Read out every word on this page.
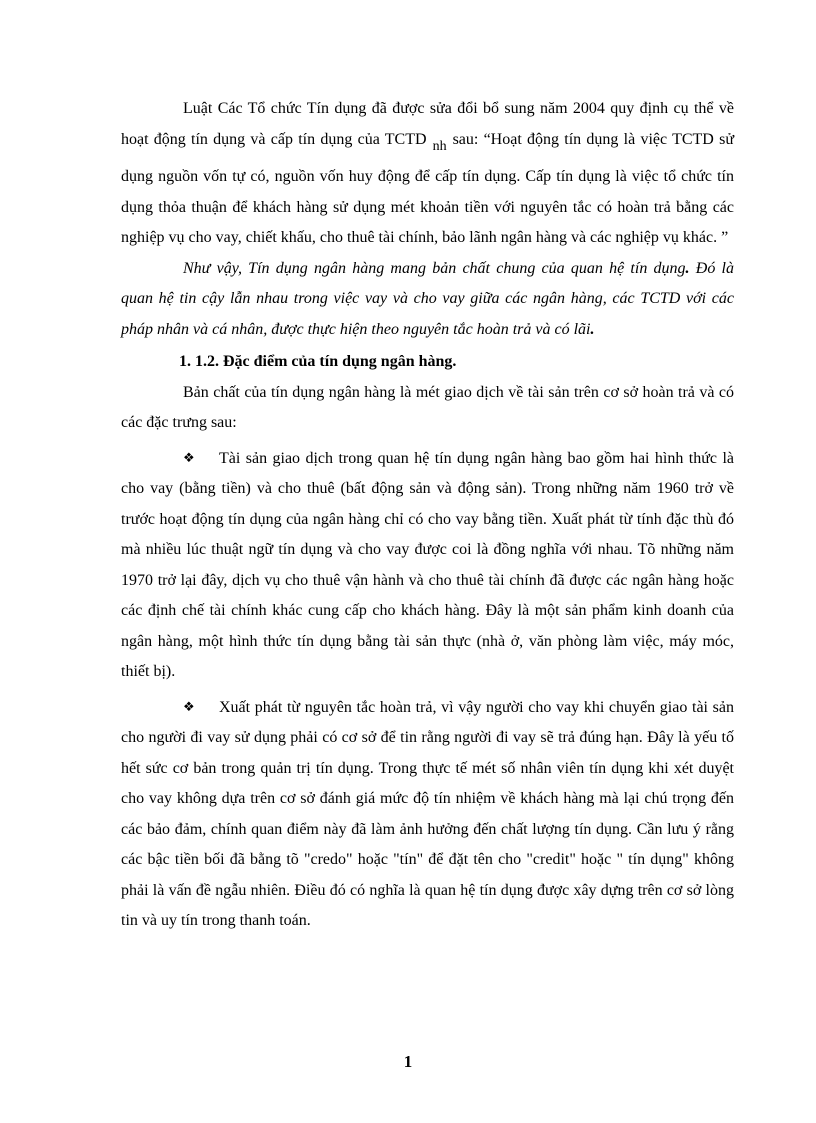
Luật Các Tổ chức Tín dụng đã được sửa đổi bổ sung năm 2004 quy định cụ thể về hoạt động tín dụng và cấp tín dụng của TCTD nh sau: “Hoạt động tín dụng là việc TCTD sử dụng nguồn vốn tự có, nguồn vốn huy động để cấp tín dụng. Cấp tín dụng là việc tổ chức tín dụng thỏa thuận để khách hàng sử dụng mét khoản tiền với nguyên tắc có hoàn trả bằng các nghiệp vụ cho vay, chiết khấu, cho thuê tài chính, bảo lãnh ngân hàng và các nghiệp vụ khác. ”

Như vậy, Tín dụng ngân hàng mang bản chất chung của quan hệ tín dụng. Đó là quan hệ tin cậy lẫn nhau trong việc vay và cho vay giữa các ngân hàng, các TCTD với các pháp nhân và cá nhân, được thực hiện theo nguyên tắc hoàn trả và có lãi.

1. 1.2. Đặc điểm của tín dụng ngân hàng.

Bản chất của tín dụng ngân hàng là mét giao dịch về tài sản trên cơ sở hoàn trả và có các đặc trưng sau:

❖ Tài sản giao dịch trong quan hệ tín dụng ngân hàng bao gồm hai hình thức là cho vay (bằng tiền) và cho thuê (bất động sản và động sản). Trong những năm 1960 trở về trước hoạt động tín dụng của ngân hàng chỉ có cho vay bằng tiền. Xuất phát từ tính đặc thù đó mà nhiều lúc thuật ngữ tín dụng và cho vay được coi là đồng nghĩa với nhau. Tõ những năm 1970 trở lại đây, dịch vụ cho thuê vận hành và cho thuê tài chính đã được các ngân hàng hoặc các định chế tài chính khác cung cấp cho khách hàng. Đây là một sản phẩm kinh doanh của ngân hàng, một hình thức tín dụng bằng tài sản thực (nhà ở, văn phòng làm việc, máy móc, thiết bị).

❖ Xuất phát từ nguyên tắc hoàn trả, vì vậy người cho vay khi chuyển giao tài sản cho người đi vay sử dụng phải có cơ sở để tin rằng người đi vay sẽ trả đúng hạn. Đây là yếu tố hết sức cơ bản trong quản trị tín dụng. Trong thực tế mét số nhân viên tín dụng khi xét duyệt cho vay không dựa trên cơ sở đánh giá mức độ tín nhiệm về khách hàng mà lại chú trọng đến các bảo đảm, chính quan điểm này đã làm ảnh hưởng đến chất lượng tín dụng. Cần lưu ý rằng các bậc tiền bối đã bằng tõ "credo" hoặc "tín" để đặt tên cho "credit" hoặc " tín dụng" không phải là vấn đề ngẫu nhiên. Điều đó có nghĩa là quan hệ tín dụng được xây dựng trên cơ sở lòng tin và uy tín trong thanh toán.

1
